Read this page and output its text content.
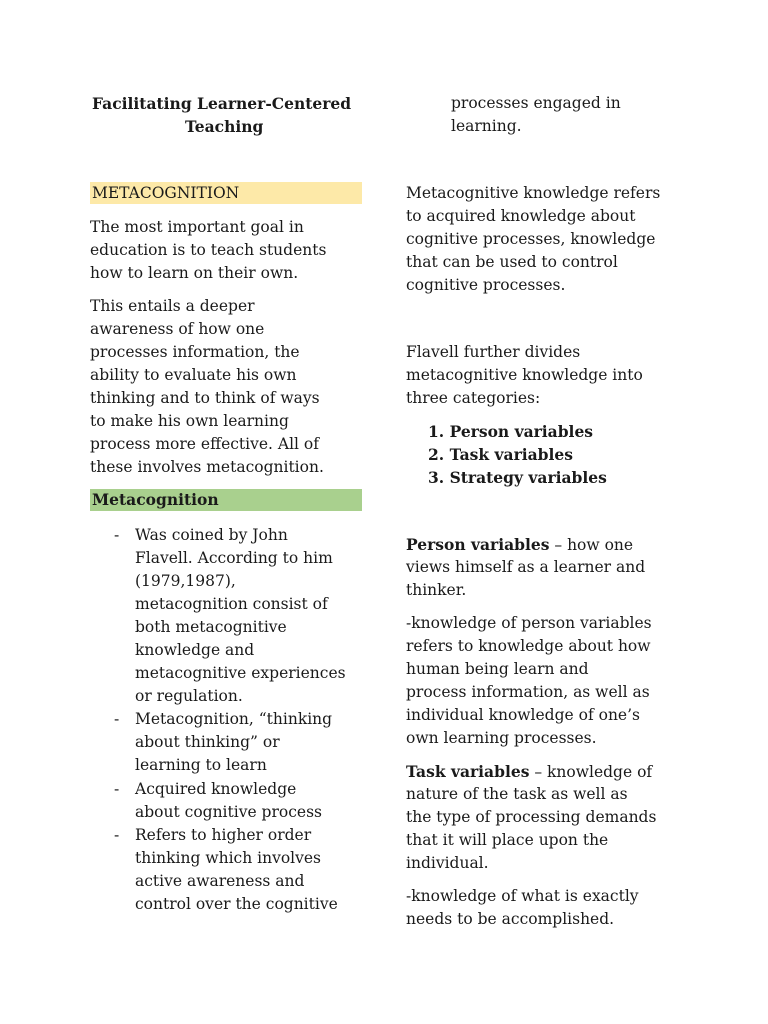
Facilitating Learner-Centered
Teaching
METACOGNITION
The most important goal in
education is to teach students
how to learn on their own.
This entails a deeper
awareness of how one
processes information, the
ability to evaluate his own
thinking and to think of ways
to make his own learning
process more effective. All of
these involves metacognition.
Metacognition
- Was coined by John
Flavell. According to him
(1979,1987),
metacognition consist of
both metacognitive
knowledge and
metacognitive experiences
or regulation.
- Metacognition, “thinking
about thinking” or
learning to learn
- Acquired knowledge
about cognitive process
- Refers to higher order
thinking which involves
active awareness and
control over the cognitive
processes engaged in
learning.
Metacognitive knowledge refers
to acquired knowledge about
cognitive processes, knowledge
that can be used to control
cognitive processes.
Flavell further divides
metacognitive knowledge into
three categories:
1. Person variables
2. Task variables
3. Strategy variables
Person variables – how one
views himself as a learner and
thinker.
-knowledge of person variables
refers to knowledge about how
human being learn and
process information, as well as
individual knowledge of one’s
own learning processes.
Task variables – knowledge of
nature of the task as well as
the type of processing demands
that it will place upon the
individual.
-knowledge of what is exactly
needs to be accomplished.
